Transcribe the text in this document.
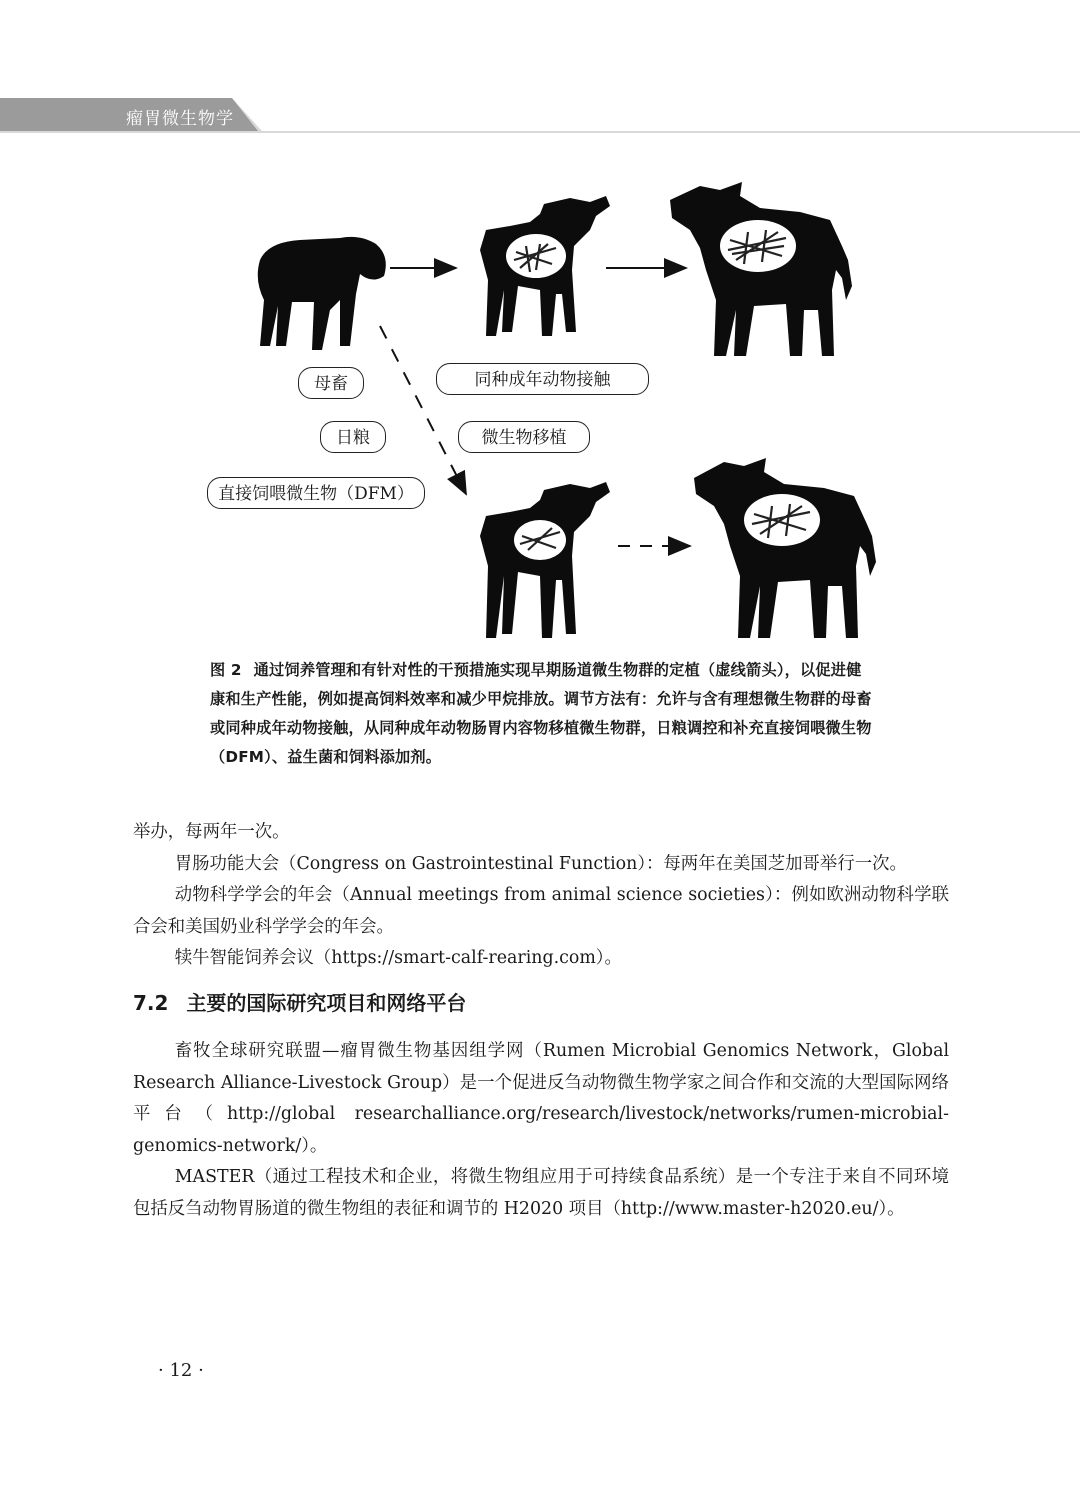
瘤胃微生物学
母畜
日粮
直接饲喂微生物（DFM）
同种成年动物接触
微生物移植
图 2 通过饲养管理和有针对性的干预措施实现早期肠道微生物群的定植（虚线箭头），以促进健康和生产性能，例如提高饲料效率和减少甲烷排放。调节方法有：允许与含有理想微生物群的母畜或同种成年动物接触，从同种成年动物肠胃内容物移植微生物群，日粮调控和补充直接饲喂微生物（DFM）、益生菌和饲料添加剂。

举办，每两年一次。

胃肠功能大会（Congress on Gastrointestinal Function）：每两年在美国芝加哥举行一次。

动物科学学会的年会（Annual meetings from animal science societies）：例如欧洲动物科学联合会和美国奶业科学学会的年会。

犊牛智能饲养会议（https://smart-calf-rearing.com）。

7.2 主要的国际研究项目和网络平台

畜牧全球研究联盟—瘤胃微生物基因组学网（Rumen Microbial Genomics Network，Global Research Alliance-Livestock Group）是一个促进反刍动物微生物学家之间合作和交流的大型国际网络平台（http://global researchalliance.org/research/livestock/networks/rumen-microbial-genomics-network/）。

MASTER（通过工程技术和企业，将微生物组应用于可持续食品系统）是一个专注于来自不同环境包括反刍动物胃肠道的微生物组的表征和调节的 H2020 项目（http://www.master-h2020.eu/）。

· 12 ·
